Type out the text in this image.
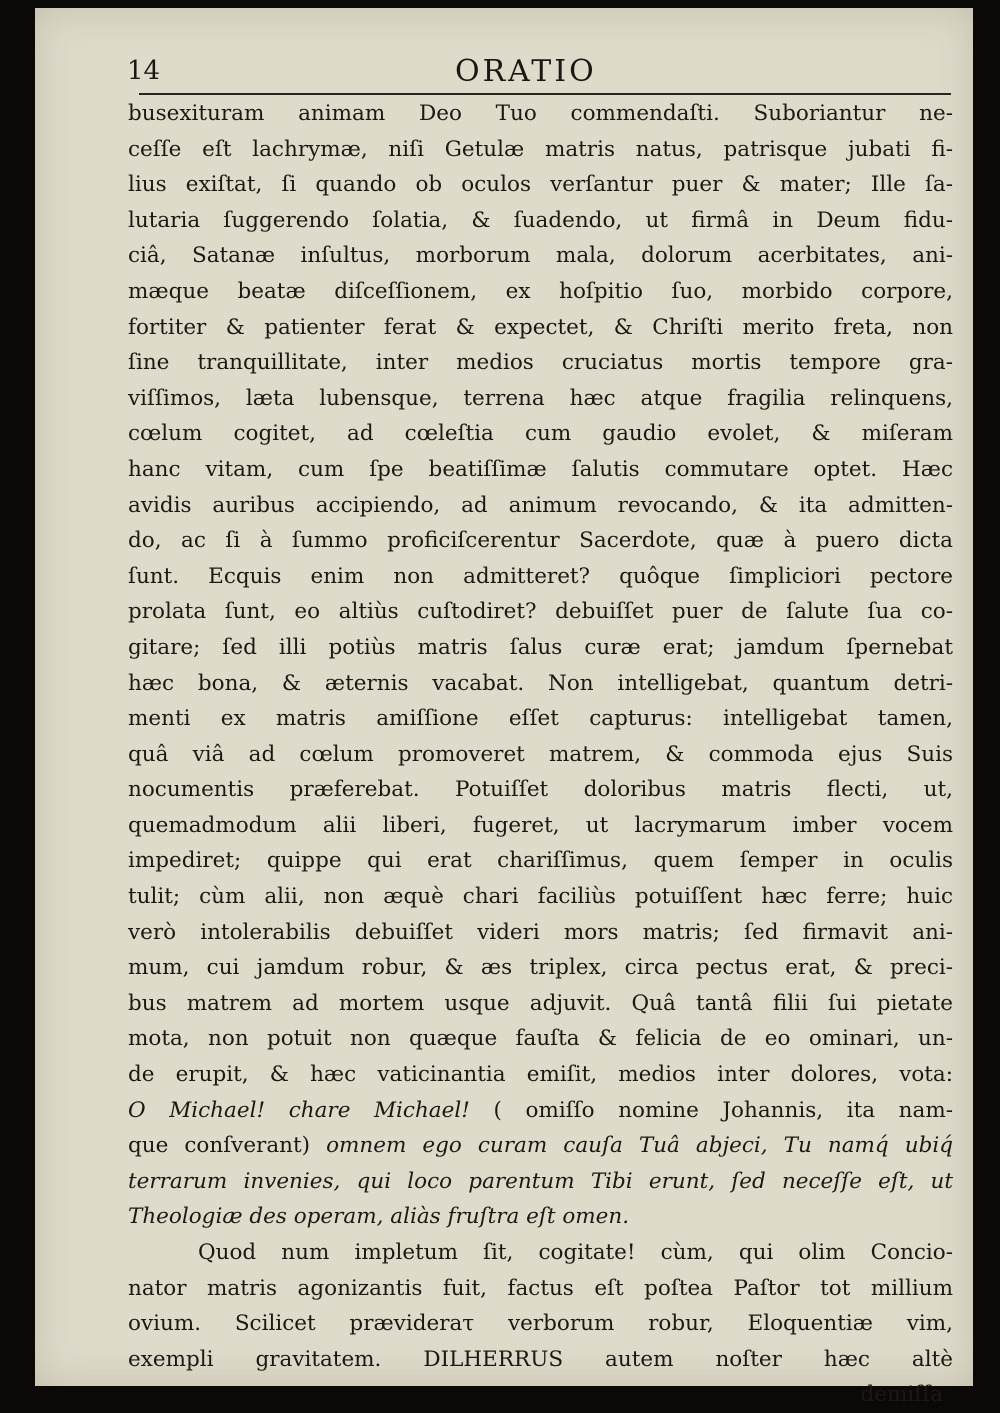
14	ORATIO
busexituram animam Deo Tuo commendaſti. Suboriantur ne-
ceſſe eſt lachrymæ, niſi Getulæ matris natus, patrisque jubati fi-
lius exiſtat, ſi quando ob oculos verſantur puer & mater; Ille ſa-
lutaria ſuggerendo ſolatia, & ſuadendo, ut firmâ in Deum fidu-
ciâ, Satanæ inſultus, morborum mala, dolorum acerbitates, ani-
mæque beatæ diſceſſionem, ex hoſpitio ſuo, morbido corpore,
fortiter & patienter ferat & expectet, & Chriſti merito freta, non
ſine tranquillitate, inter medios cruciatus mortis tempore gra-
viſſimos, læta lubensque, terrena hæc atque fragilia relinquens,
cœlum cogitet, ad cœleſtia cum gaudio evolet, & miſeram
hanc vitam, cum ſpe beatiſſimæ ſalutis commutare optet. Hæc
avidis auribus accipiendo, ad animum revocando, & ita admitten-
do, ac ſi à ſummo proficiſcerentur Sacerdote, quæ à puero dicta
ſunt. Ecquis enim non admitteret? quôque ſimpliciori pectore
prolata ſunt, eo altiùs cuſtodiret? debuiſſet puer de ſalute ſua co-
gitare; ſed illi potiùs matris ſalus curæ erat; jamdum ſpernebat
hæc bona, & æternis vacabat. Non intelligebat, quantum detri-
menti ex matris amiſſione eſſet capturus: intelligebat tamen,
quâ viâ ad cœlum promoveret matrem, & commoda ejus Suis
nocumentis præferebat. Potuiſſet doloribus matris flecti, ut,
quemadmodum alii liberi, fugeret, ut lacrymarum imber vocem
impediret; quippe qui erat chariſſimus, quem ſemper in oculis
tulit; cùm alii, non æquè chari faciliùs potuiſſent hæc ferre; huic
verò intolerabilis debuiſſet videri mors matris; ſed firmavit ani-
mum, cui jamdum robur, & æs triplex, circa pectus erat, & preci-
bus matrem ad mortem usque adjuvit. Quâ tantâ filii ſui pietate
mota, non potuit non quæque fauſta & felicia de eo ominari, un-
de erupit, & hæc vaticinantia emiſit, medios inter dolores, vota:
O Michael! chare Michael! ( omiſſo nomine Johannis, ita nam-
que conſverant) omnem ego curam cauſa Tuâ abjeci, Tu namq́ ubiq́
terrarum invenies, qui loco parentum Tibi erunt, ſed neceſſe eſt, ut
Theologiæ des operam, aliàs fruſtra eſt omen.
Quod num impletum ſit, cogitate! cùm, qui olim Concio-
nator matris agonizantis fuit, factus eſt poſtea Paſtor tot millium
ovium. Scilicet prævideraτ verborum robur, Eloquentiæ vim,
exempli gravitatem. DILHERRUS autem noſter hæc altè
demiſſa
